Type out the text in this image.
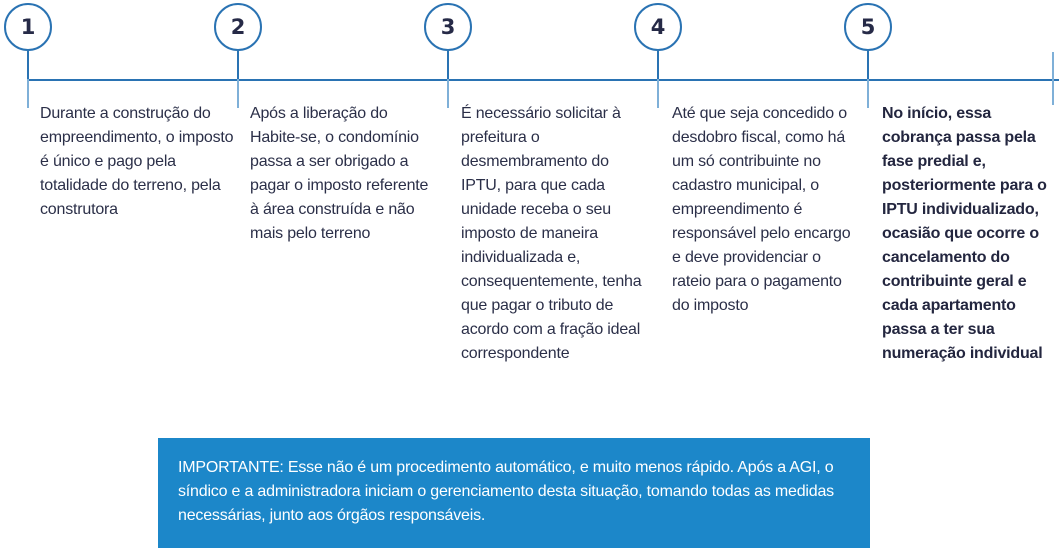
1
Durante a construção do empreendimento, o imposto é único e pago pela totalidade do terreno, pela construtora
2
Após a liberação do Habite-se, o condomínio passa a ser obrigado a pagar o imposto referente à área construída e não mais pelo terreno
3
É necessário solicitar à prefeitura o desmembramento do IPTU, para que cada unidade receba o seu imposto de maneira individualizada e, consequentemente, tenha que pagar o tributo de acordo com a fração ideal correspondente
4
Até que seja concedido o desdobro fiscal, como há um só contribuinte no cadastro municipal, o empreendimento é responsável pelo encargo e deve providenciar o rateio para o pagamento do imposto
5
No início, essa cobrança passa pela fase predial e, posteriormente para o IPTU individualizado, ocasião que ocorre o cancelamento do contribuinte geral e cada apartamento passa a ter sua numeração individual
IMPORTANTE: Esse não é um procedimento automático, e muito menos rápido. Após a AGI, o síndico e a administradora iniciam o gerenciamento desta situação, tomando todas as medidas necessárias, junto aos órgãos responsáveis.
